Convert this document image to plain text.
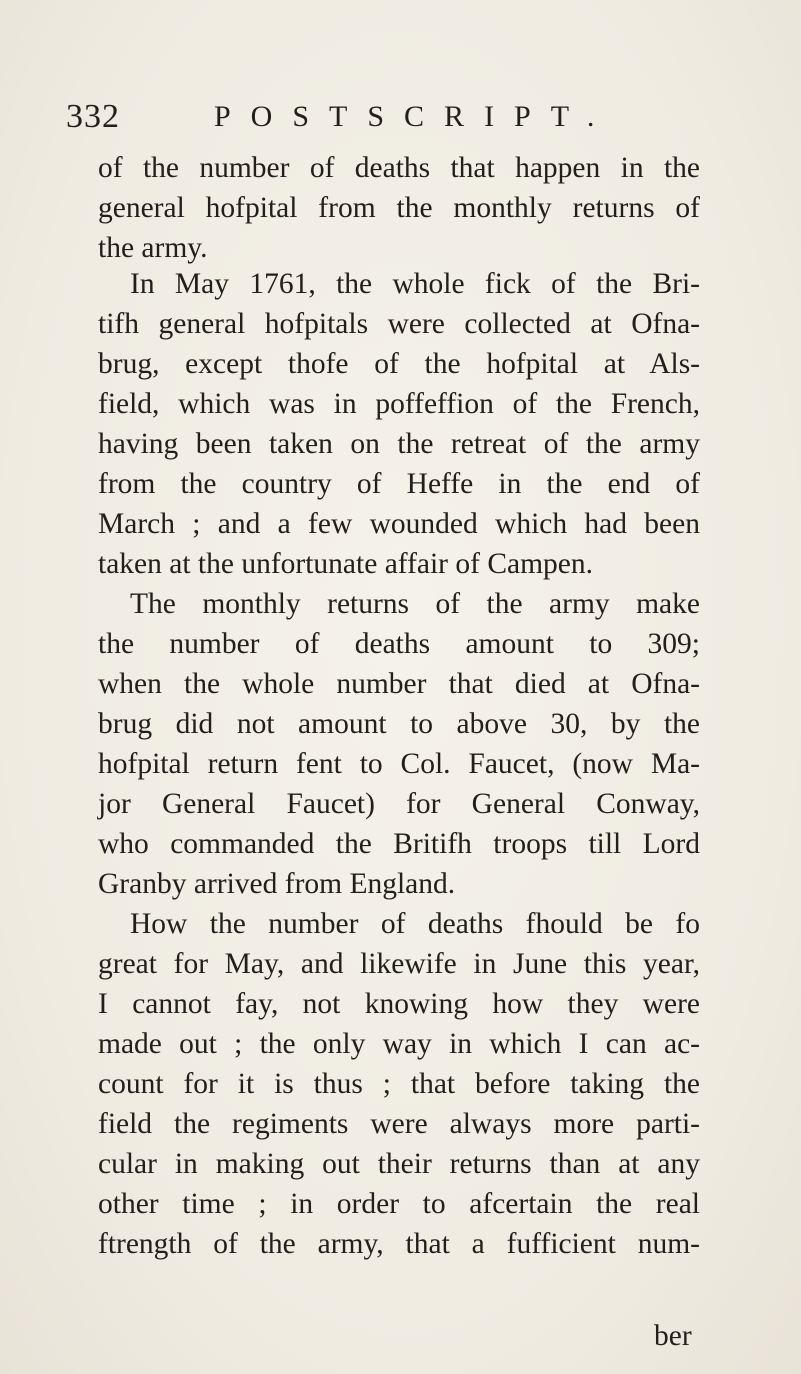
332	POSTSCRIPT.
of the number of deaths that happen in the
general hofpital from the monthly returns of
the army.
In May 1761, the whole fick of the Bri-
tifh general hofpitals were collected at Ofna-
brug, except thofe of the hofpital at Als-
field, which was in poffeffion of the French,
having been taken on the retreat of the army
from the country of Heffe in the end of
March ; and a few wounded which had been
taken at the unfortunate affair of Campen.
The monthly returns of the army make
the number of deaths amount to 309;
when the whole number that died at Ofna-
brug did not amount to above 30, by the
hofpital return fent to Col. Faucet, (now Ma-
jor General Faucet) for General Conway,
who commanded the Britifh troops till Lord
Granby arrived from England.
How the number of deaths fhould be fo
great for May, and likewife in June this year,
I cannot fay, not knowing how they were
made out ; the only way in which I can ac-
count for it is thus ; that before taking the
field the regiments were always more parti-
cular in making out their returns than at any
other time ; in order to afcertain the real
ftrength of the army, that a fufficient num-
ber
